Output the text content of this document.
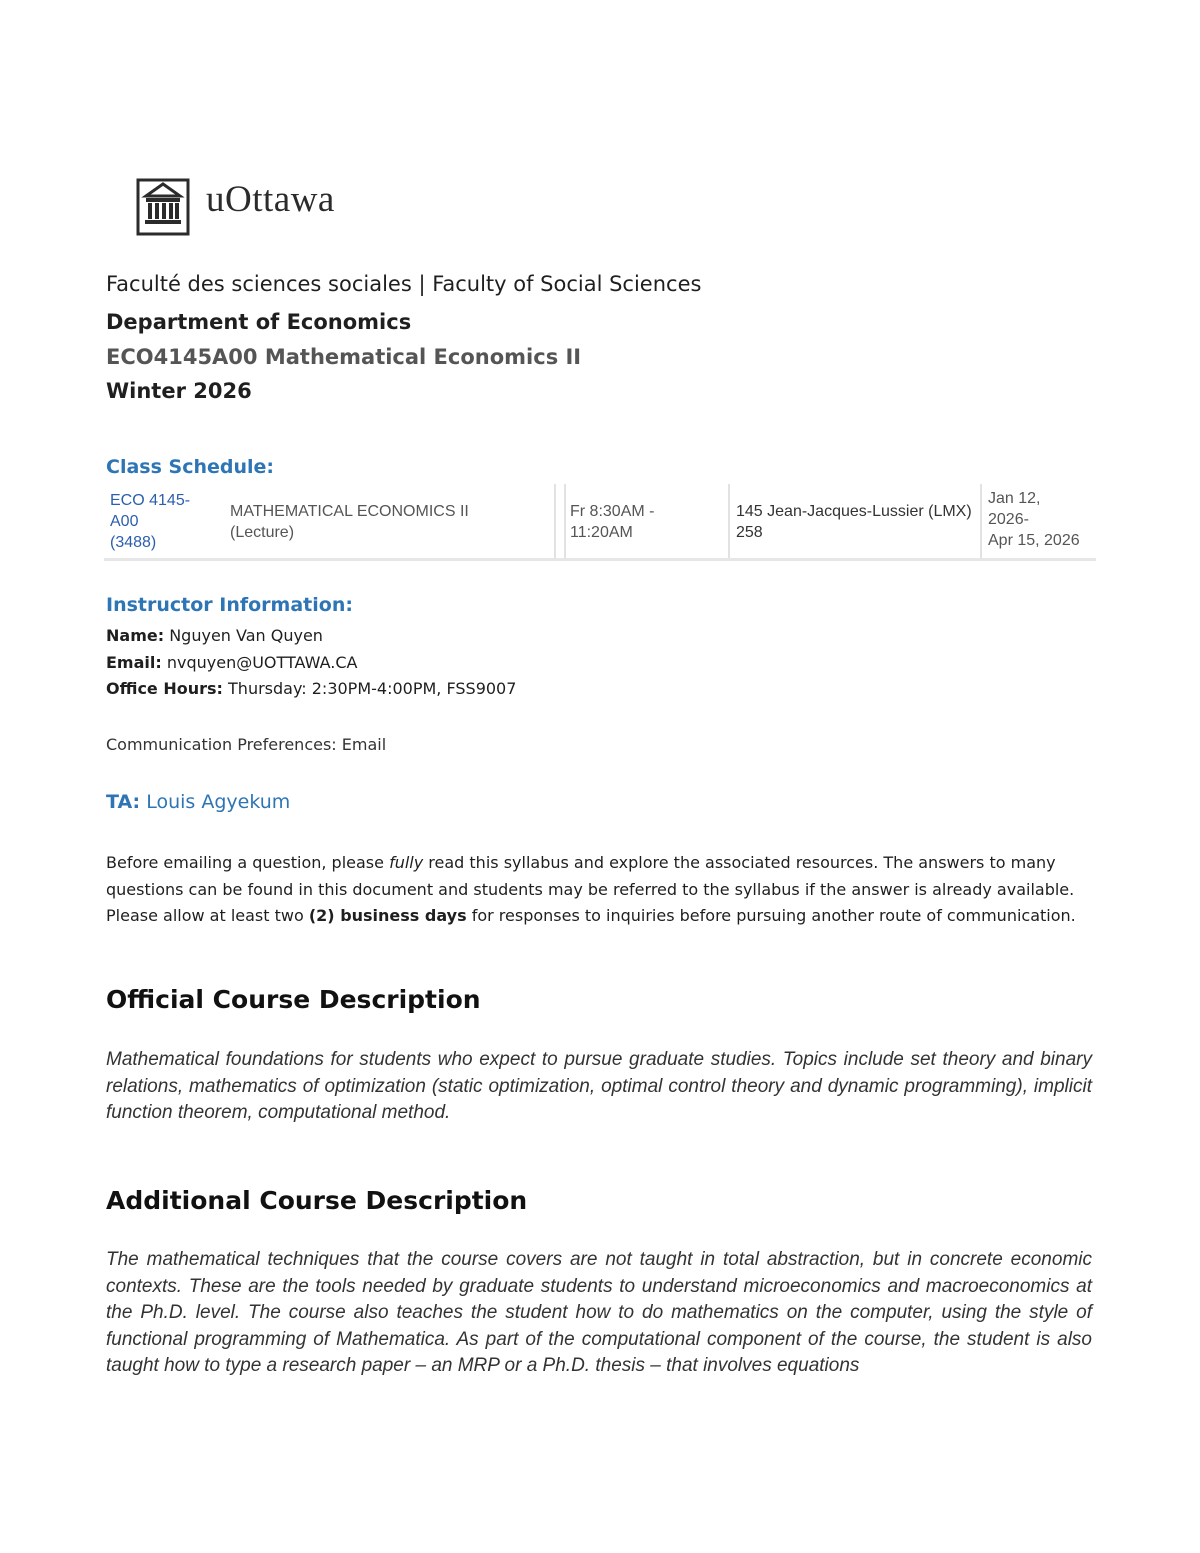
uOttawa
Faculté des sciences sociales | Faculty of Social Sciences
Department of Economics
ECO4145A00 Mathematical Economics II
Winter 2026
Class Schedule:
ECO 4145-
A00
(3488)
MATHEMATICAL ECONOMICS II
(Lecture)
Fr 8:30AM -
11:20AM
145 Jean-Jacques-Lussier (LMX)
258
Jan 12,
2026-
Apr 15, 2026
Instructor Information:
Name: Nguyen Van Quyen
Email: nvquyen@UOTTAWA.CA
Office Hours: Thursday: 2:30PM-4:00PM, FSS9007
Communication Preferences: Email
TA: Louis Agyekum
Before emailing a question, please fully read this syllabus and explore the associated resources. The answers to many questions can be found in this document and students may be referred to the syllabus if the answer is already available. Please allow at least two (2) business days for responses to inquiries before pursuing another route of communication.
Official Course Description
Mathematical foundations for students who expect to pursue graduate studies. Topics include set theory and binary relations, mathematics of optimization (static optimization, optimal control theory and dynamic programming), implicit function theorem, computational method.
Additional Course Description
The mathematical techniques that the course covers are not taught in total abstraction, but in concrete economic contexts. These are the tools needed by graduate students to understand microeconomics and macroeconomics at the Ph.D. level. The course also teaches the student how to do mathematics on the computer, using the style of functional programming of Mathematica. As part of the computational component of the course, the student is also taught how to type a research paper – an MRP or a Ph.D. thesis – that involves equations
